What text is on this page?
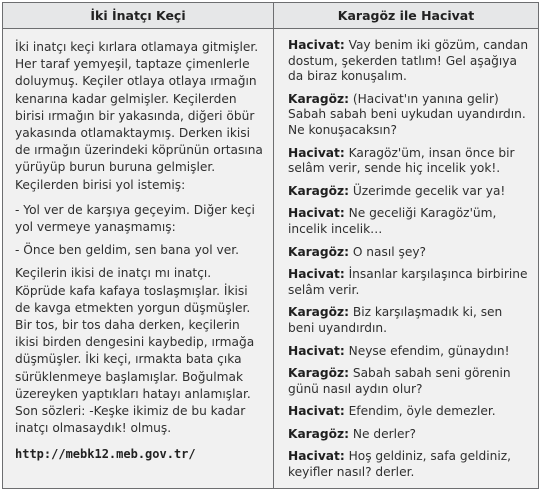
İki İnatçı Keçi

İki inatçı keçi kırlara otlamaya gitmişler. Her taraf yemyeşil, taptaze çimenlerle doluymuş. Keçiler otlaya otlaya ırmağın kenarına kadar gelmişler. Keçilerden birisi ırmağın bir yakasında, diğeri öbür yakasında otlamaktaymış. Derken ikisi de ırmağın üzerindeki köprünün ortasına yürüyüp burun buruna gelmişler. Keçilerden birisi yol istemiş:

- Yol ver de karşıya geçeyim. Diğer keçi yol vermeye yanaşmamış:

- Önce ben geldim, sen bana yol ver.

Keçilerin ikisi de inatçı mı inatçı. Köprüde kafa kafaya toslaşmışlar. İkisi de kavga etmekten yorgun düşmüşler. Bir tos, bir tos daha derken, keçilerin ikisi birden dengesini kaybedip, ırmağa düşmüşler. İki keçi, ırmakta bata çıka sürüklenmeye başlamışlar. Boğulmak üzereyken yaptıkları hatayı anlamışlar. Son sözleri: -Keşke ikimiz de bu kadar inatçı olmasaydık! olmuş.

http://mebk12.meb.gov.tr/
Karagöz ile Hacivat

Hacivat: Vay benim iki gözüm, candan dostum, şekerden tatlım! Gel aşağıya da biraz konuşalım.

Karagöz: (Hacivat'ın yanına gelir) Sabah sabah beni uykudan uyandırdın. Ne konuşacaksın?

Hacivat: Karagöz'üm, insan önce bir selâm verir, sende hiç incelik yok!.

Karagöz: Üzerimde gecelik var ya!

Hacivat: Ne geceliği Karagöz'üm, incelik incelik…

Karagöz: O nasıl şey?

Hacivat: İnsanlar karşılaşınca birbirine selâm verir.

Karagöz: Biz karşılaşmadık ki, sen beni uyandırdın.

Hacivat: Neyse efendim, günaydın!

Karagöz: Sabah sabah seni görenin günü nasıl aydın olur?

Hacivat: Efendim, öyle demezler.

Karagöz: Ne derler?

Hacivat: Hoş geldiniz, safa geldiniz, keyifler nasıl? derler.
